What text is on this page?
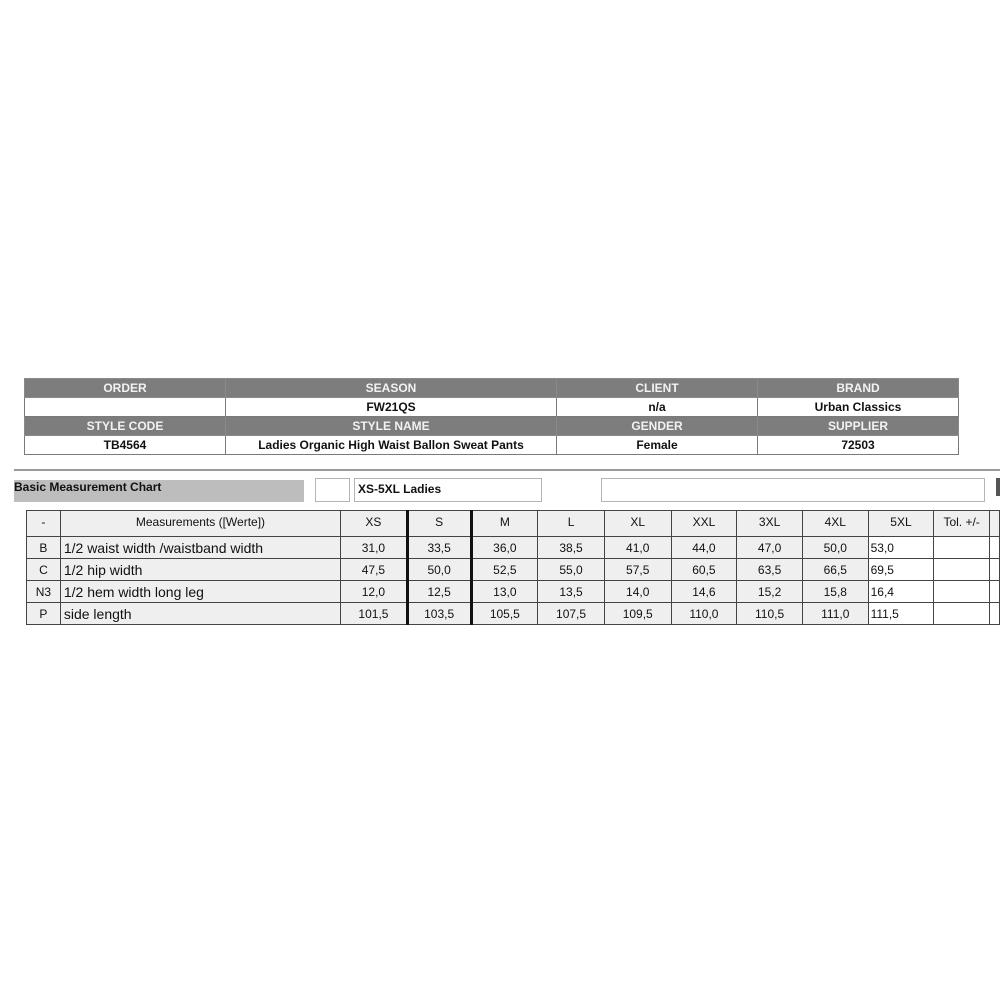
ORDER	SEASON	CLIENT	BRAND
	FW21QS	n/a	Urban Classics
STYLE CODE	STYLE NAME	GENDER	SUPPLIER
TB4564	Ladies Organic High Waist Ballon Sweat Pants	Female	72503
Basic Measurement Chart	XS-5XL Ladies
-	Measurements ([Werte])	XS	S	M	L	XL	XXL	3XL	4XL	5XL	Tol. +/-	
B	1/2 waist width /waistband width	31,0	33,5	36,0	38,5	41,0	44,0	47,0	50,0	53,0		
C	1/2 hip width	47,5	50,0	52,5	55,0	57,5	60,5	63,5	66,5	69,5		
N3	1/2 hem width long leg	12,0	12,5	13,0	13,5	14,0	14,6	15,2	15,8	16,4		
P	side length	101,5	103,5	105,5	107,5	109,5	110,0	110,5	111,0	111,5		
